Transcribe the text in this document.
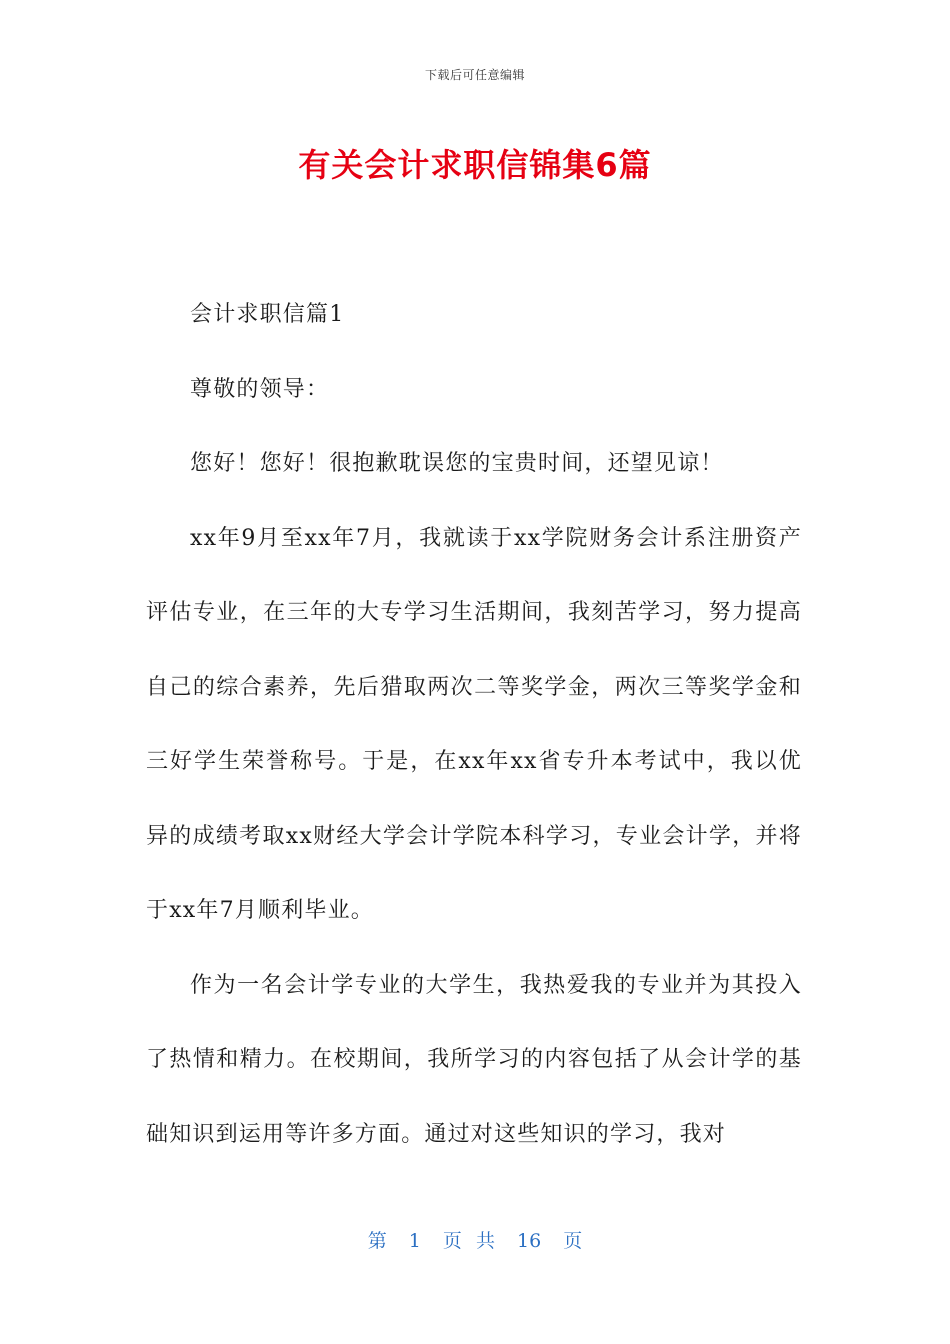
下载后可任意编辑
有关会计求职信锦集6篇

会计求职信篇1

尊敬的领导：

您好！您好！很抱歉耽误您的宝贵时间，还望见谅！

xx年9月至xx年7月，我就读于xx学院财务会计系注册资产评估专业，在三年的大专学习生活期间，我刻苦学习，努力提高自己的综合素养，先后猎取两次二等奖学金，两次三等奖学金和三好学生荣誉称号。于是，在xx年xx省专升本考试中，我以优异的成绩考取xx财经大学会计学院本科学习，专业会计学，并将于xx年7月顺利毕业。

作为一名会计学专业的大学生，我热爱我的专业并为其投入了热情和精力。在校期间，我所学习的内容包括了从会计学的基础知识到运用等许多方面。通过对这些知识的学习，我对

第 1 页 共 16 页
